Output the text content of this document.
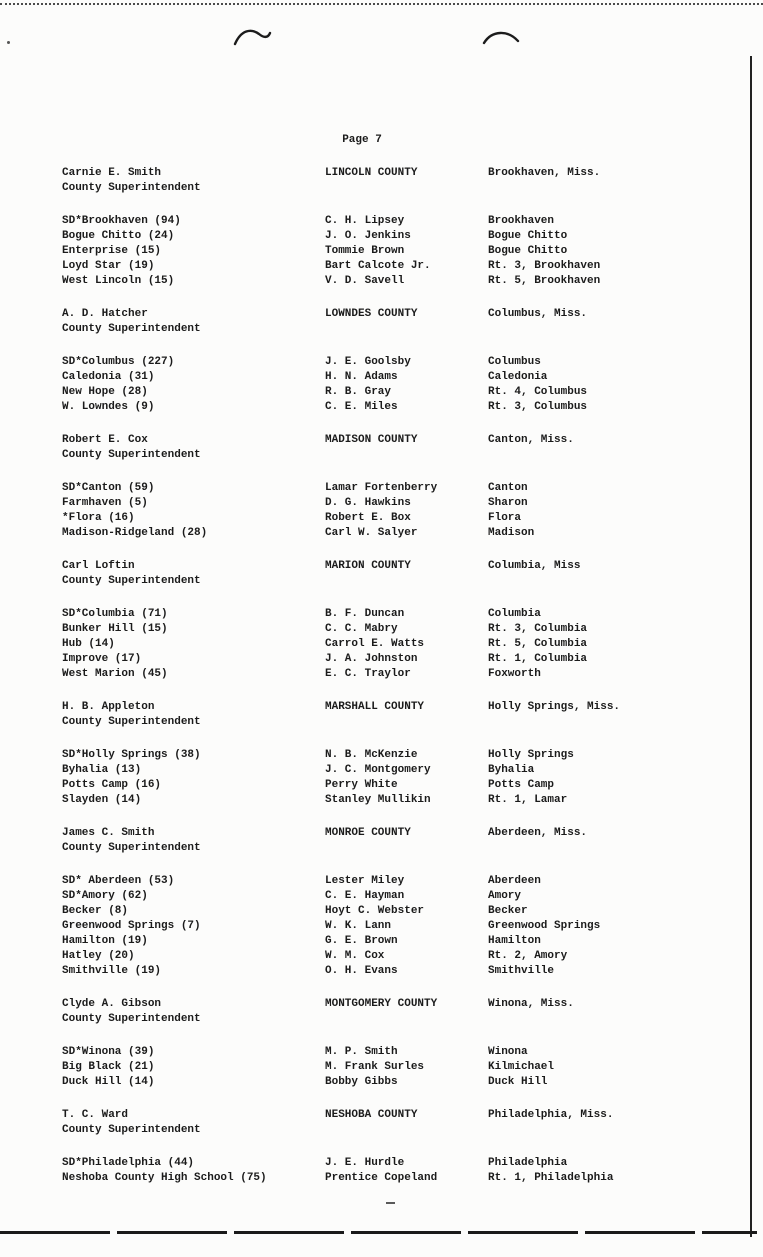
Page 7
Carnie E. Smith	LINCOLN COUNTY	Brookhaven, Miss.
County Superintendent
SD*Brookhaven (94)	C. H. Lipsey	Brookhaven
Bogue Chitto (24)	J. O. Jenkins	Bogue Chitto
Enterprise (15)	Tommie Brown	Bogue Chitto
Loyd Star (19)	Bart Calcote Jr.	Rt. 3, Brookhaven
West Lincoln (15)	V. D. Savell	Rt. 5, Brookhaven
A. D. Hatcher	LOWNDES COUNTY	Columbus, Miss.
County Superintendent
SD*Columbus (227)	J. E. Goolsby	Columbus
Caledonia (31)	H. N. Adams	Caledonia
New Hope (28)	R. B. Gray	Rt. 4, Columbus
W. Lowndes (9)	C. E. Miles	Rt. 3, Columbus
Robert E. Cox	MADISON COUNTY	Canton, Miss.
County Superintendent
SD*Canton (59)	Lamar Fortenberry	Canton
Farmhaven (5)	D. G. Hawkins	Sharon
*Flora (16)	Robert E. Box	Flora
Madison-Ridgeland (28)	Carl W. Salyer	Madison
Carl Loftin	MARION COUNTY	Columbia, Miss
County Superintendent
SD*Columbia (71)	B. F. Duncan	Columbia
Bunker Hill (15)	C. C. Mabry	Rt. 3, Columbia
Hub (14)	Carrol E. Watts	Rt. 5, Columbia
Improve (17)	J. A. Johnston	Rt. 1, Columbia
West Marion (45)	E. C. Traylor	Foxworth
H. B. Appleton	MARSHALL COUNTY	Holly Springs, Miss.
County Superintendent
SD*Holly Springs (38)	N. B. McKenzie	Holly Springs
Byhalia (13)	J. C. Montgomery	Byhalia
Potts Camp (16)	Perry White	Potts Camp
Slayden (14)	Stanley Mullikin	Rt. 1, Lamar
James C. Smith	MONROE COUNTY	Aberdeen, Miss.
County Superintendent
SD* Aberdeen (53)	Lester Miley	Aberdeen
SD*Amory (62)	C. E. Hayman	Amory
Becker (8)	Hoyt C. Webster	Becker
Greenwood Springs (7)	W. K. Lann	Greenwood Springs
Hamilton (19)	G. E. Brown	Hamilton
Hatley (20)	W. M. Cox	Rt. 2, Amory
Smithville (19)	O. H. Evans	Smithville
Clyde A. Gibson	MONTGOMERY COUNTY	Winona, Miss.
County Superintendent
SD*Winona (39)	M. P. Smith	Winona
Big Black (21)	M. Frank Surles	Kilmichael
Duck Hill (14)	Bobby Gibbs	Duck Hill
T. C. Ward	NESHOBA COUNTY	Philadelphia, Miss.
County Superintendent
SD*Philadelphia (44)	J. E. Hurdle	Philadelphia
Neshoba County High School (75)	Prentice Copeland	Rt. 1, Philadelphia
